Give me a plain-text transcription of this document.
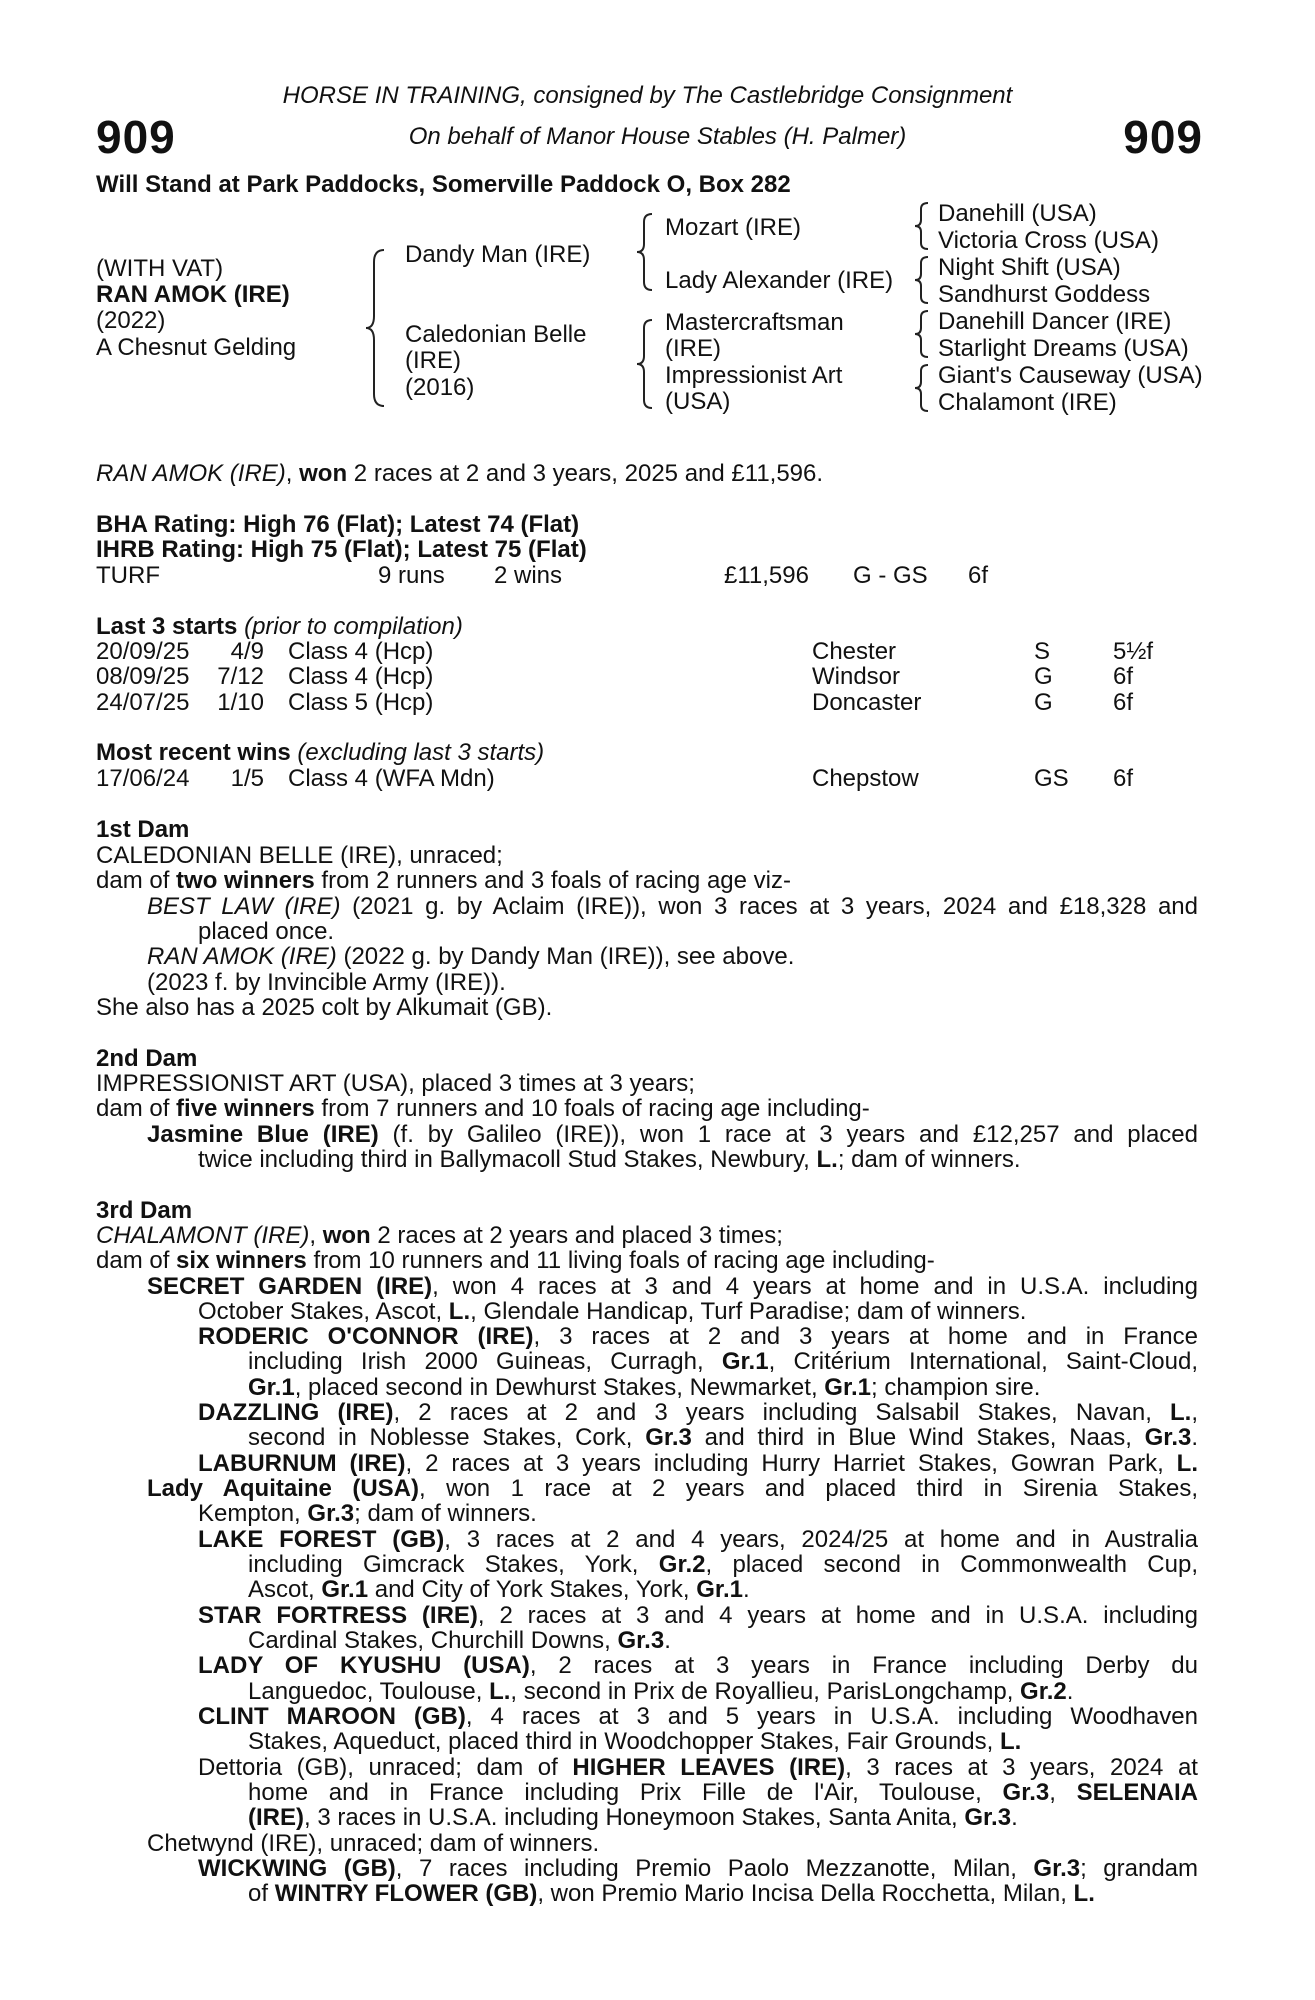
909	909
HORSE IN TRAINING, consigned by The Castlebridge Consignment
On behalf of Manor House Stables (H. Palmer)
Will Stand at Park Paddocks, Somerville Paddock O, Box 282
(WITH VAT)
RAN AMOK (IRE)
(2022)
A Chesnut Gelding
Dandy Man (IRE)
Caledonian Belle
(IRE)
(2016)
Mozart (IRE)
Lady Alexander (IRE)
Mastercraftsman
(IRE)
Impressionist Art
(USA)
Danehill (USA)
Victoria Cross (USA)
Night Shift (USA)
Sandhurst Goddess
Danehill Dancer (IRE)
Starlight Dreams (USA)
Giant's Causeway (USA)
Chalamont (IRE)
RAN AMOK (IRE), won 2 races at 2 and 3 years, 2025 and £11,596.
BHA Rating: High 76 (Flat); Latest 74 (Flat)
IHRB Rating: High 75 (Flat); Latest 75 (Flat)
TURF	9 runs 2 wins	£11,596 G - GS 6f
Last 3 starts (prior to compilation)
20/09/25 4/9 Class 4 (Hcp)	Chester	S	5½f
08/09/25 7/12 Class 4 (Hcp)	Windsor	G	6f
24/07/25 1/10 Class 5 (Hcp)	Doncaster	G	6f
Most recent wins (excluding last 3 starts)
17/06/24 1/5 Class 4 (WFA Mdn)	Chepstow	GS 6f
1st Dam
CALEDONIAN BELLE (IRE), unraced;
dam of two winners from 2 runners and 3 foals of racing age viz-
BEST LAW (IRE) (2021 g. by Aclaim (IRE)), won 3 races at 3 years, 2024 and £18,328 and
placed once.
RAN AMOK (IRE) (2022 g. by Dandy Man (IRE)), see above.
(2023 f. by Invincible Army (IRE)).
She also has a 2025 colt by Alkumait (GB).
2nd Dam
IMPRESSIONIST ART (USA), placed 3 times at 3 years;
dam of five winners from 7 runners and 10 foals of racing age including-
Jasmine Blue (IRE) (f. by Galileo (IRE)), won 1 race at 3 years and £12,257 and placed
twice including third in Ballymacoll Stud Stakes, Newbury, L.; dam of winners.
3rd Dam
CHALAMONT (IRE), won 2 races at 2 years and placed 3 times;
dam of six winners from 10 runners and 11 living foals of racing age including-
SECRET GARDEN (IRE), won 4 races at 3 and 4 years at home and in U.S.A. including
October Stakes, Ascot, L., Glendale Handicap, Turf Paradise; dam of winners.
RODERIC O'CONNOR (IRE), 3 races at 2 and 3 years at home and in France
including Irish 2000 Guineas, Curragh, Gr.1, Critérium International, Saint-Cloud,
Gr.1, placed second in Dewhurst Stakes, Newmarket, Gr.1; champion sire.
DAZZLING (IRE), 2 races at 2 and 3 years including Salsabil Stakes, Navan, L.,
second in Noblesse Stakes, Cork, Gr.3 and third in Blue Wind Stakes, Naas, Gr.3.
LABURNUM (IRE), 2 races at 3 years including Hurry Harriet Stakes, Gowran Park, L.
Lady Aquitaine (USA), won 1 race at 2 years and placed third in Sirenia Stakes,
Kempton, Gr.3; dam of winners.
LAKE FOREST (GB), 3 races at 2 and 4 years, 2024/25 at home and in Australia
including Gimcrack Stakes, York, Gr.2, placed second in Commonwealth Cup,
Ascot, Gr.1 and City of York Stakes, York, Gr.1.
STAR FORTRESS (IRE), 2 races at 3 and 4 years at home and in U.S.A. including
Cardinal Stakes, Churchill Downs, Gr.3.
LADY OF KYUSHU (USA), 2 races at 3 years in France including Derby du
Languedoc, Toulouse, L., second in Prix de Royallieu, ParisLongchamp, Gr.2.
CLINT MAROON (GB), 4 races at 3 and 5 years in U.S.A. including Woodhaven
Stakes, Aqueduct, placed third in Woodchopper Stakes, Fair Grounds, L.
Dettoria (GB), unraced; dam of HIGHER LEAVES (IRE), 3 races at 3 years, 2024 at
home and in France including Prix Fille de l'Air, Toulouse, Gr.3, SELENAIA
(IRE), 3 races in U.S.A. including Honeymoon Stakes, Santa Anita, Gr.3.
Chetwynd (IRE), unraced; dam of winners.
WICKWING (GB), 7 races including Premio Paolo Mezzanotte, Milan, Gr.3; grandam
of WINTRY FLOWER (GB), won Premio Mario Incisa Della Rocchetta, Milan, L.
